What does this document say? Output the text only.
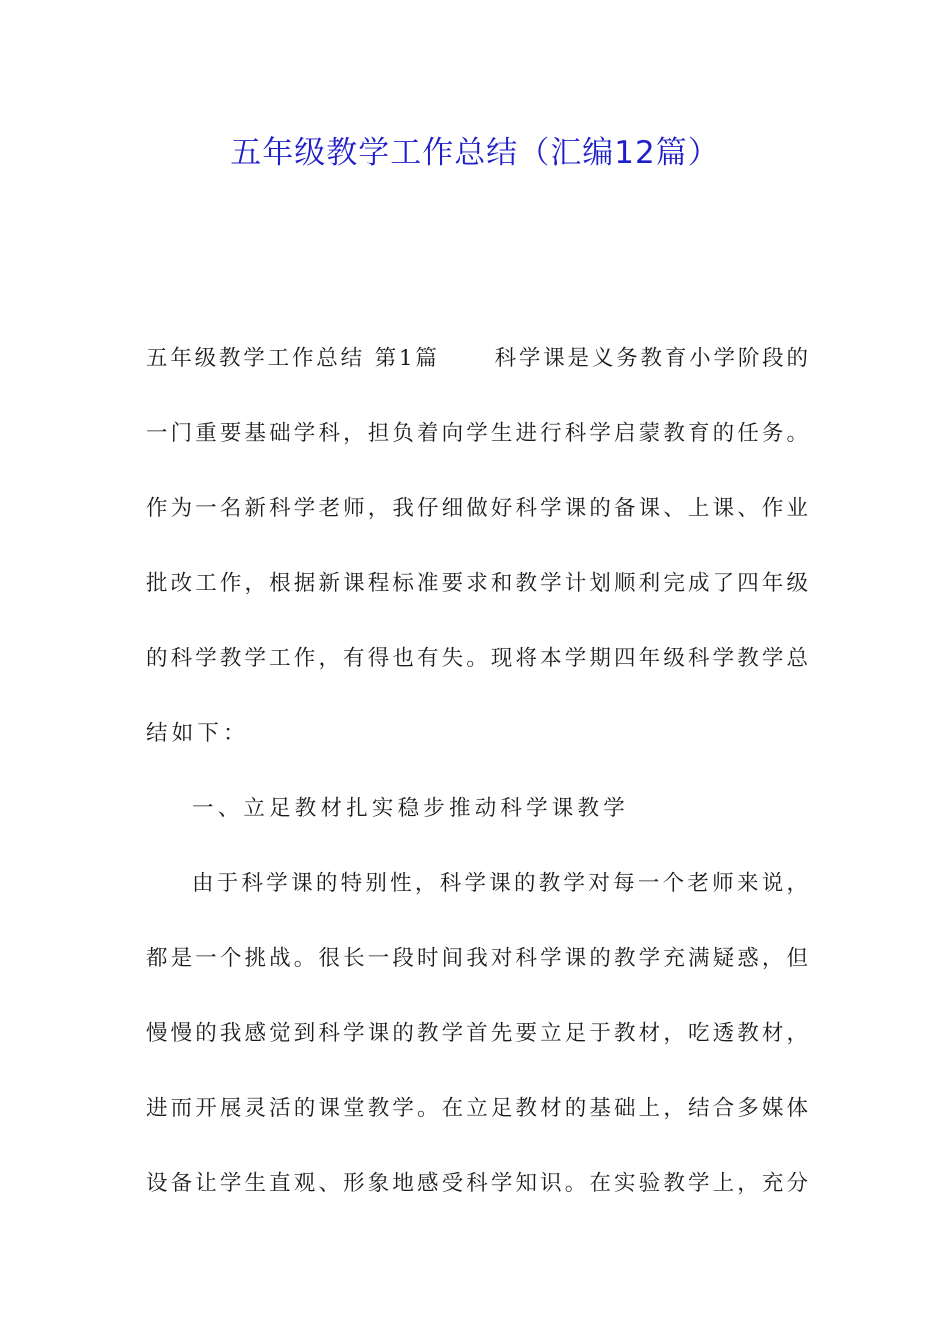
五年级教学工作总结（汇编12篇）
五年级教学工作总结 第1篇 科学课是义务教育小学阶段的
一门重要基础学科，担负着向学生进行科学启蒙教育的任务。
作为一名新科学老师，我仔细做好科学课的备课、上课、作业
批改工作，根据新课程标准要求和教学计划顺利完成了四年级
的科学教学工作，有得也有失。现将本学期四年级科学教学总
结如下：
一、立足教材扎实稳步推动科学课教学
由于科学课的特别性，科学课的教学对每一个老师来说，
都是一个挑战。很长一段时间我对科学课的教学充满疑惑，但
慢慢的我感觉到科学课的教学首先要立足于教材，吃透教材，
进而开展灵活的课堂教学。在立足教材的基础上，结合多媒体
设备让学生直观、形象地感受科学知识。在实验教学上，充分
